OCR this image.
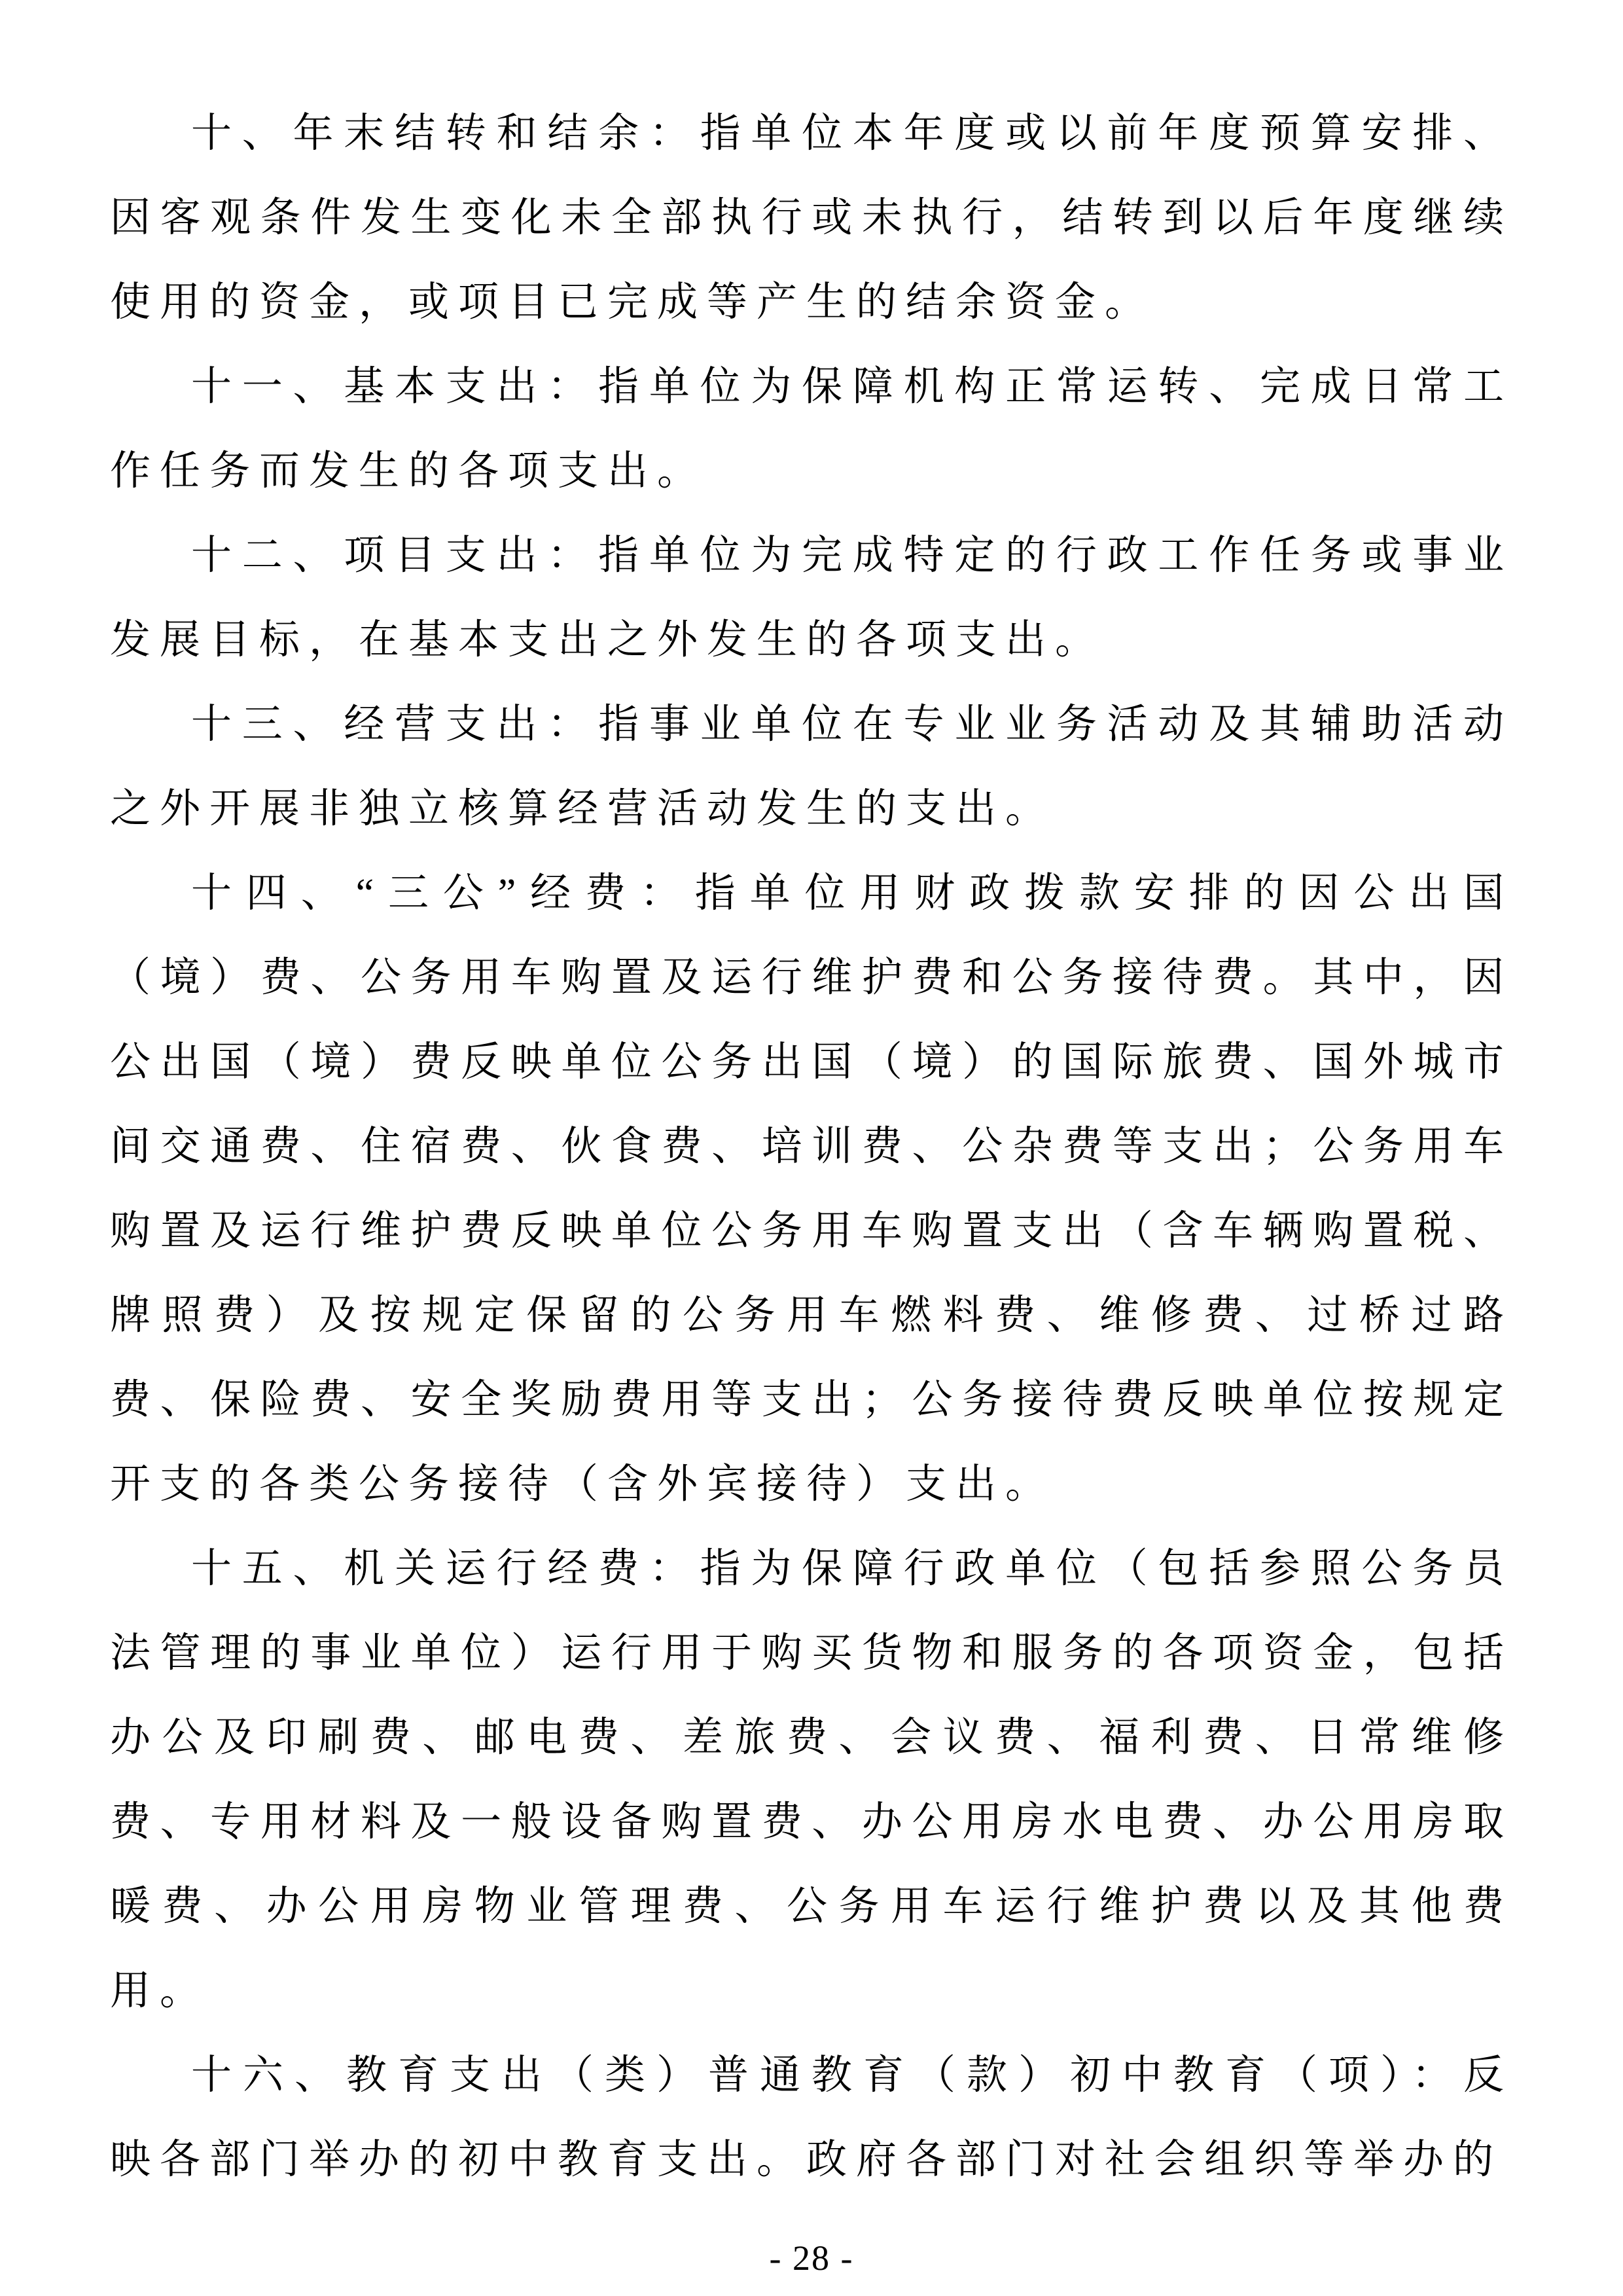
十、年末结转和结余：指单位本年度或以前年度预算安排、因客观条件发生变化未全部执行或未执行，结转到以后年度继续使用的资金，或项目已完成等产生的结余资金。

十一、基本支出：指单位为保障机构正常运转、完成日常工作任务而发生的各项支出。

十二、项目支出：指单位为完成特定的行政工作任务或事业发展目标，在基本支出之外发生的各项支出。

十三、经营支出：指事业单位在专业业务活动及其辅助活动之外开展非独立核算经营活动发生的支出。

十四、“三公”经费：指单位用财政拨款安排的因公出国（境）费、公务用车购置及运行维护费和公务接待费。其中，因公出国（境）费反映单位公务出国（境）的国际旅费、国外城市间交通费、住宿费、伙食费、培训费、公杂费等支出；公务用车购置及运行维护费反映单位公务用车购置支出（含车辆购置税、牌照费）及按规定保留的公务用车燃料费、维修费、过桥过路费、保险费、安全奖励费用等支出；公务接待费反映单位按规定开支的各类公务接待（含外宾接待）支出。

十五、机关运行经费：指为保障行政单位（包括参照公务员法管理的事业单位）运行用于购买货物和服务的各项资金，包括办公及印刷费、邮电费、差旅费、会议费、福利费、日常维修费、专用材料及一般设备购置费、办公用房水电费、办公用房取暖费、办公用房物业管理费、公务用车运行维护费以及其他费用。

十六、教育支出（类）普通教育（款）初中教育（项）：反映各部门举办的初中教育支出。政府各部门对社会组织等举办的

- 28 -
